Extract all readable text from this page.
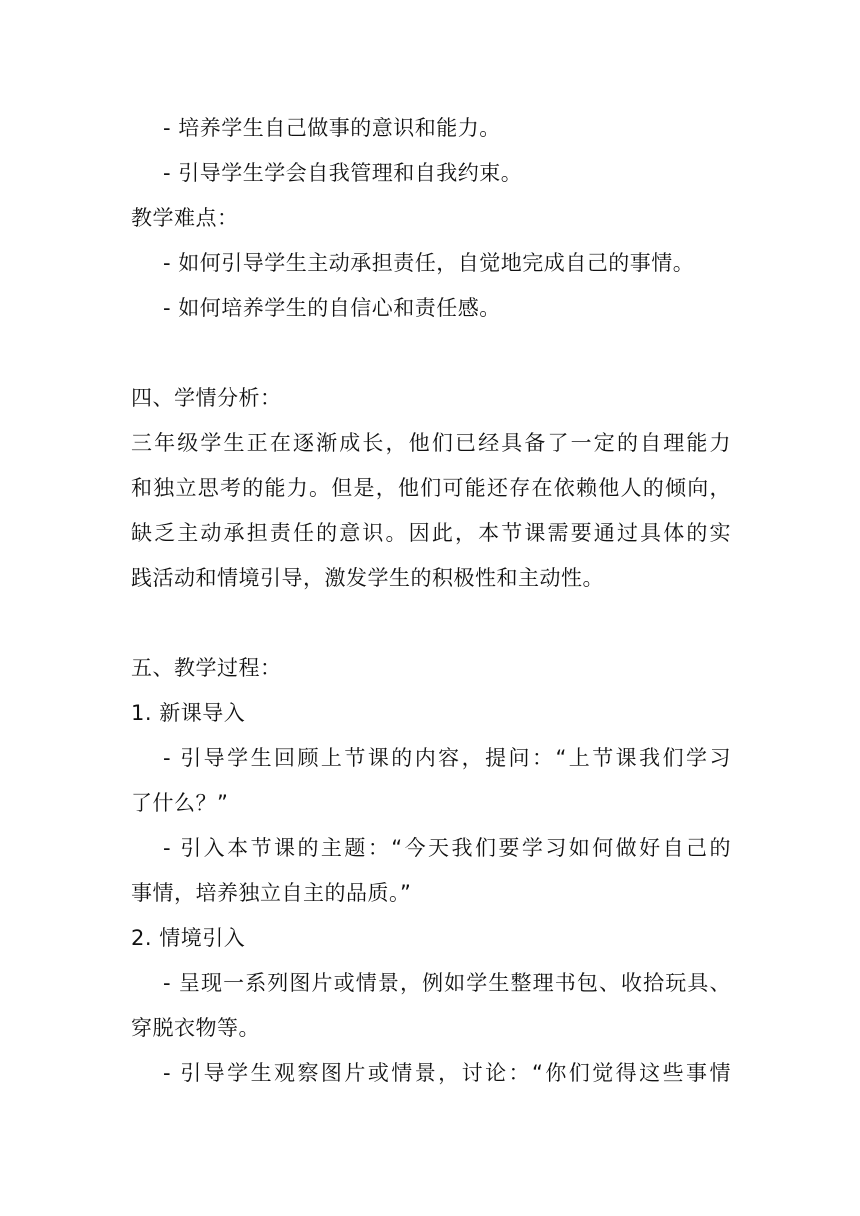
- 培养学生自己做事的意识和能力。
- 引导学生学会自我管理和自我约束。
教学难点：
- 如何引导学生主动承担责任，自觉地完成自己的事情。
- 如何培养学生的自信心和责任感。
四、学情分析：
三年级学生正在逐渐成长，他们已经具备了一定的自理能力
和独立思考的能力。但是，他们可能还存在依赖他人的倾向，
缺乏主动承担责任的意识。因此，本节课需要通过具体的实
践活动和情境引导，激发学生的积极性和主动性。
五、教学过程：
1. 新课导入
- 引导学生回顾上节课的内容，提问：“上节课我们学习
了什么？”
- 引入本节课的主题：“今天我们要学习如何做好自己的
事情，培养独立自主的品质。”
2. 情境引入
- 呈现一系列图片或情景，例如学生整理书包、收拾玩具、
穿脱衣物等。
- 引导学生观察图片或情景，讨论：“你们觉得这些事情
